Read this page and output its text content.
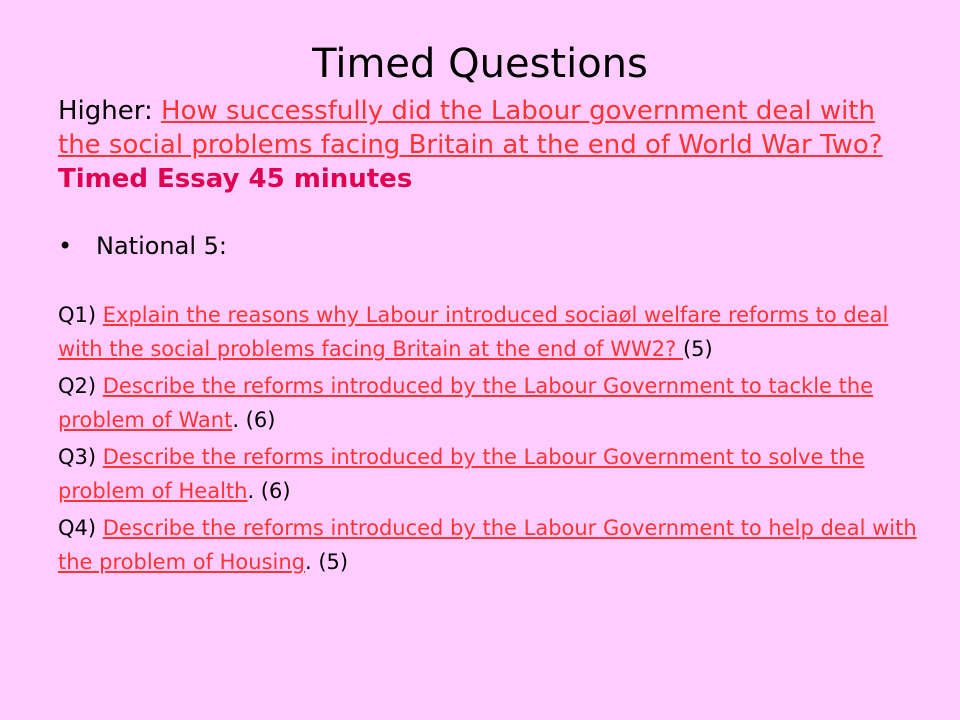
Timed Questions
Higher: How successfully did the Labour government deal with the social problems facing Britain at the end of World War Two? Timed Essay 45 minutes
• National 5:

Q1) Explain the reasons why Labour introduced sociaøl welfare reforms to deal with the social problems facing Britain at the end of WW2? (5)

Q2) Describe the reforms introduced by the Labour Government to tackle the problem of Want. (6)

Q3) Describe the reforms introduced by the Labour Government to solve the problem of Health. (6)

Q4) Describe the reforms introduced by the Labour Government to help deal with the problem of Housing. (5)
